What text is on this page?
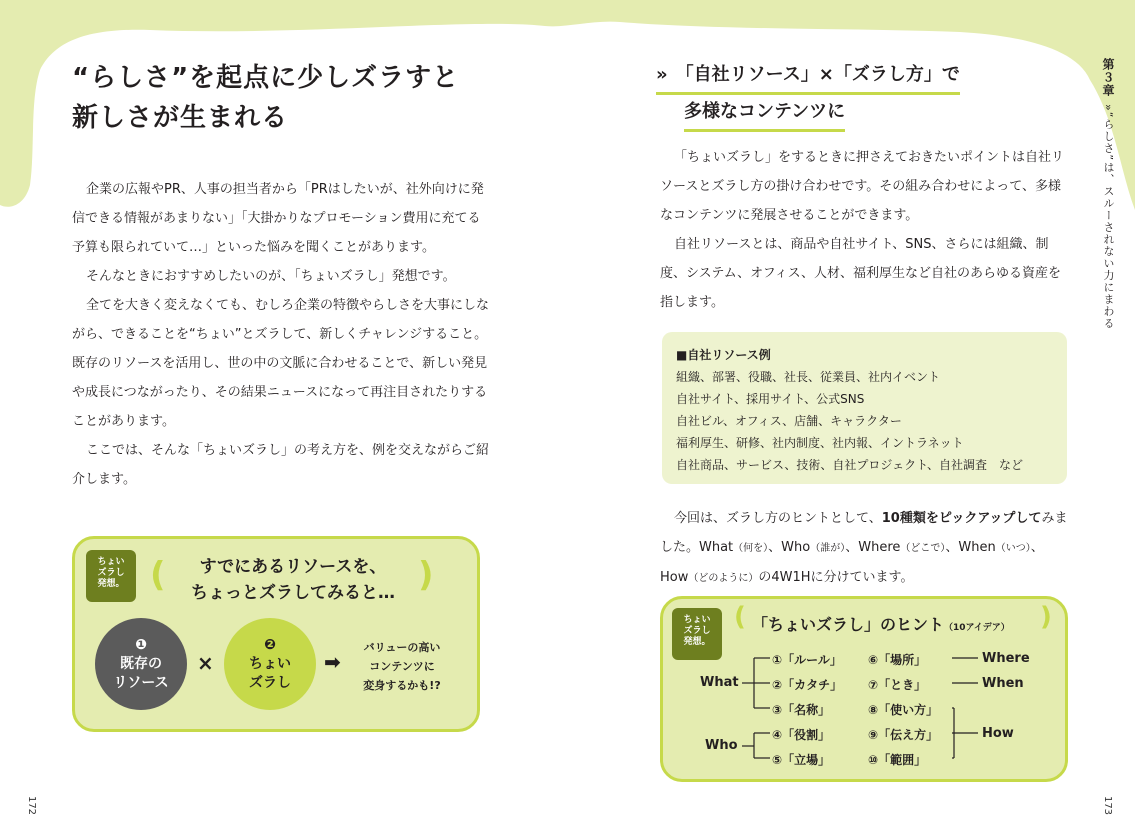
“らしさ”を起点に少しズラすと
新しさが生まれる

企業の広報やPR、人事の担当者から「PRはしたいが、社外向けに発信できる情報があまりない」「大掛かりなプロモーション費用に充てる予算も限られていて…」といった悩みを聞くことがあります。

そんなときにおすすめしたいのが、「ちょいズラし」発想です。

全てを大きく変えなくても、むしろ企業の特徴やらしさを大事にしながら、できることを“ちょい”とズラして、新しくチャレンジすること。既存のリソースを活用し、世の中の文脈に合わせることで、新しい発見や成長につながったり、その結果ニュースになって再注目されたりすることがあります。

ここでは、そんな「ちょいズラし」の考え方を、例を交えながらご紹介します。

ちょい
ズラし
発想。 (	)
すでにあるリソースを、
ちょっとズラしてみると…
❶
既存の
リソース
×
❷
ちょい
ズラし
➡
バリューの高い
コンテンツに
変身するかも!?
172
» 「自社リソース」×「ズラし方」で
多様なコンテンツに

「ちょいズラし」をするときに押さえておきたいポイントは自社リソースとズラし方の掛け合わせです。その組み合わせによって、多様なコンテンツに発展させることができます。

自社リソースとは、商品や自社サイト、SNS、さらには組織、制度、システム、オフィス、人材、福利厚生など自社のあらゆる資産を指します。

■自社リソース例
組織、部署、役職、社長、従業員、社内イベント
自社サイト、採用サイト、公式SNS
自社ビル、オフィス、店舗、キャラクター
福利厚生、研修、社内制度、社内報、イントラネット
自社商品、サービス、技術、自社プロジェクト、自社調査　など
今回は、ズラし方のヒントとして、10種類をピックアップしてみました。What（何を）、Who（誰が）、Where（どこで）、When（いつ）、How（どのように）の4W1Hに分けています。
ちょい
ズラし
発想。
(	)
「ちょいズラし」のヒント（10アイデア）
What
Who
Where
When
How
①「ルール」
②「カタチ」
③「名称」
④「役割」
⑤「立場」
⑥「場所」
⑦「とき」
⑧「使い方」
⑨「伝え方」
⑩「範囲」
第３章
»“らしさ”は、スルーされない力にまわる
173
